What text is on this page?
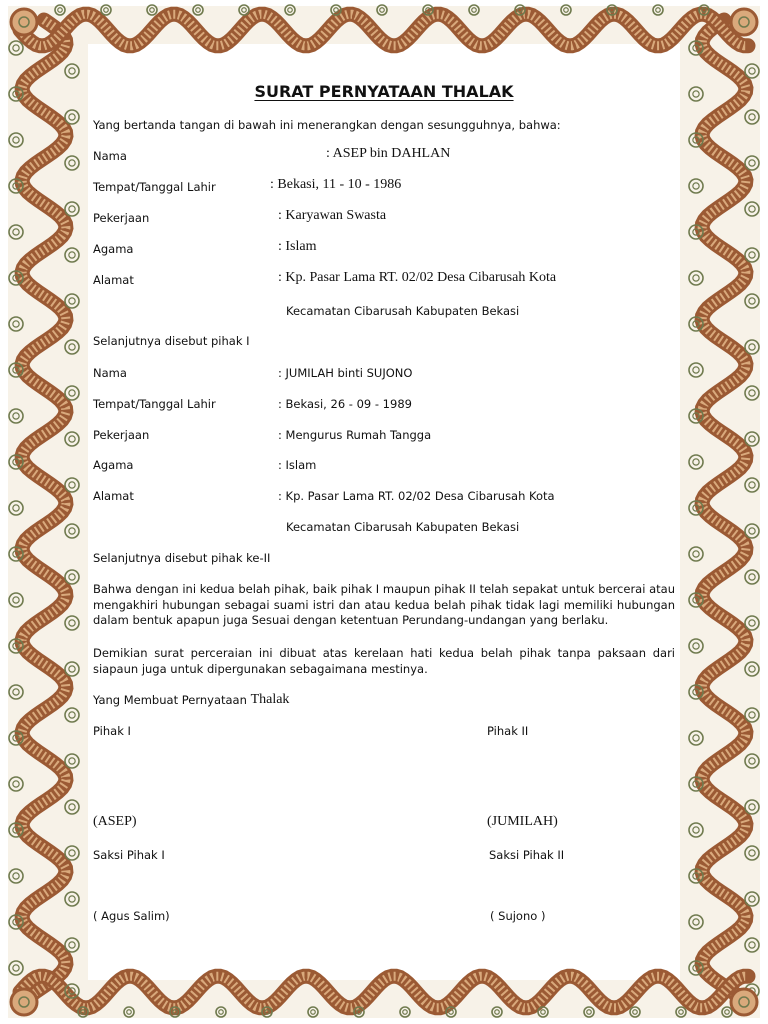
SURAT PERNYATAAN THALAK
Yang bertanda tangan di bawah ini menerangkan dengan sesungguhnya, bahwa:
Nama	: ASEP bin DAHLAN
Tempat/Tanggal Lahir	: Bekasi, 11 - 10 - 1986
Pekerjaan	: Karyawan Swasta
Agama	: Islam
Alamat	: Kp. Pasar Lama RT. 02/02 Desa Cibarusah Kota
Kecamatan Cibarusah Kabupaten Bekasi
Selanjutnya disebut pihak I
Nama	: JUMILAH binti SUJONO
Tempat/Tanggal Lahir	: Bekasi, 26 - 09 - 1989
Pekerjaan	: Mengurus Rumah Tangga
Agama	: Islam
Alamat	: Kp. Pasar Lama RT. 02/02 Desa Cibarusah Kota
Kecamatan Cibarusah Kabupaten Bekasi
Selanjutnya disebut pihak ke-II
Bahwa dengan ini kedua belah pihak, baik pihak I maupun pihak II telah sepakat untuk bercerai atau mengakhiri hubungan sebagai suami istri dan atau kedua belah pihak tidak lagi memiliki hubungan dalam bentuk apapun juga Sesuai dengan ketentuan Perundang-undangan yang berlaku.
Demikian surat perceraian ini dibuat atas kerelaan hati kedua belah pihak tanpa paksaan dari siapaun juga untuk dipergunakan sebagaimana mestinya.
Yang Membuat Pernyataan Thalak
Pihak I	Pihak II
(ASEP)	(JUMILAH)
Saksi Pihak I	Saksi Pihak II
( Agus Salim)	( Sujono )
